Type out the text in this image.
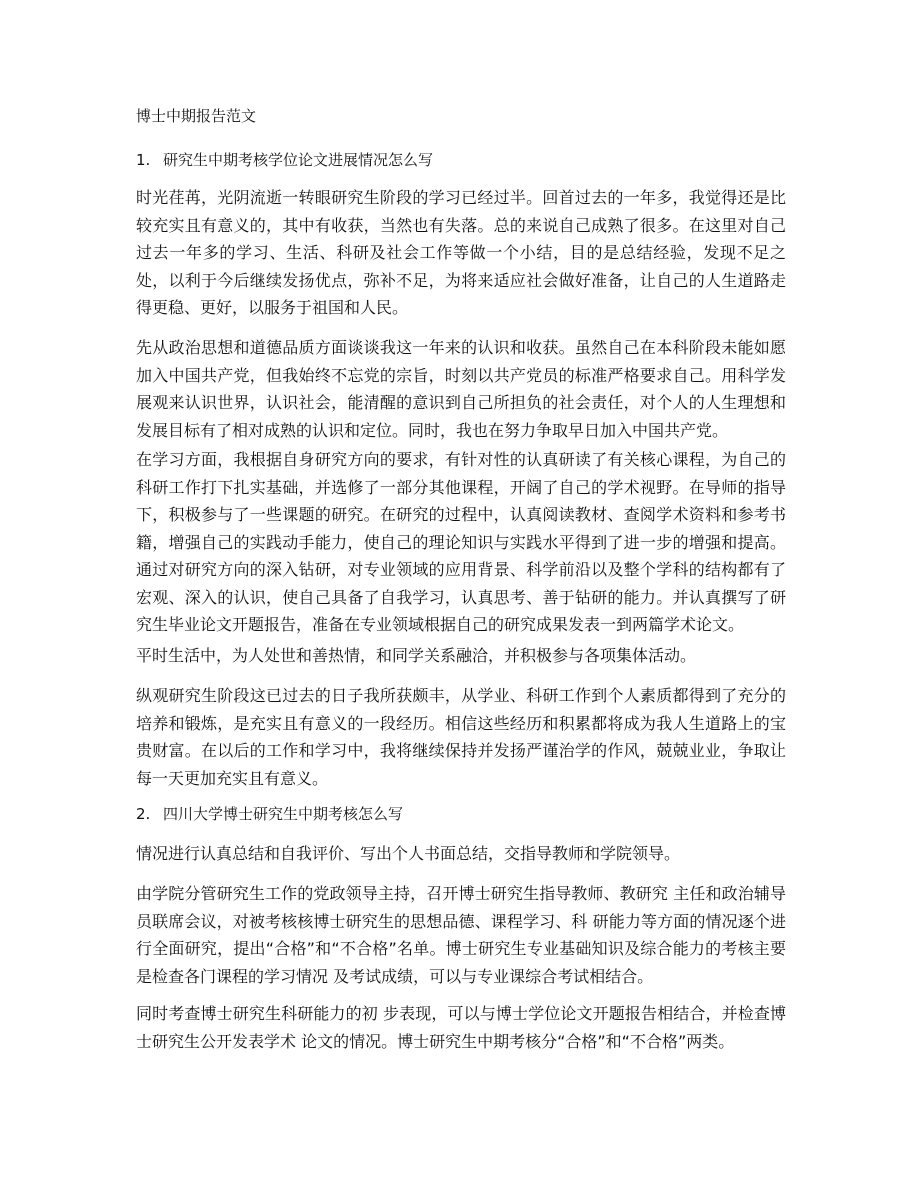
博士中期报告范文
1. 研究生中期考核学位论文进展情况怎么写

时光荏苒，光阴流逝一转眼研究生阶段的学习已经过半。回首过去的一年多，我觉得还是比较充实且有意义的，其中有收获，当然也有失落。总的来说自己成熟了很多。在这里对自己过去一年多的学习、生活、科研及社会工作等做一个小结，目的是总结经验，发现不足之处，以利于今后继续发扬优点，弥补不足，为将来适应社会做好准备，让自己的人生道路走得更稳、更好，以服务于祖国和人民。

先从政治思想和道德品质方面谈谈我这一年来的认识和收获。虽然自己在本科阶段未能如愿加入中国共产党，但我始终不忘党的宗旨，时刻以共产党员的标准严格要求自己。用科学发展观来认识世界，认识社会，能清醒的意识到自己所担负的社会责任，对个人的人生理想和发展目标有了相对成熟的认识和定位。同时，我也在努力争取早日加入中国共产党。

在学习方面，我根据自身研究方向的要求，有针对性的认真研读了有关核心课程，为自己的科研工作打下扎实基础，并选修了一部分其他课程，开阔了自己的学术视野。在导师的指导下，积极参与了一些课题的研究。在研究的过程中，认真阅读教材、查阅学术资料和参考书籍，增强自己的实践动手能力，使自己的理论知识与实践水平得到了进一步的增强和提高。通过对研究方向的深入钻研，对专业领域的应用背景、科学前沿以及整个学科的结构都有了宏观、深入的认识，使自己具备了自我学习，认真思考、善于钻研的能力。并认真撰写了研究生毕业论文开题报告，准备在专业领域根据自己的研究成果发表一到两篇学术论文。

平时生活中，为人处世和善热情，和同学关系融洽，并积极参与各项集体活动。

纵观研究生阶段这已过去的日子我所获颇丰，从学业、科研工作到个人素质都得到了充分的培养和锻炼，是充实且有意义的一段经历。相信这些经历和积累都将成为我人生道路上的宝贵财富。在以后的工作和学习中，我将继续保持并发扬严谨治学的作风，兢兢业业，争取让每一天更加充实且有意义。

2. 四川大学博士研究生中期考核怎么写

情况进行认真总结和自我评价、写出个人书面总结，交指导教师和学院领导。

由学院分管研究生工作的党政领导主持，召开博士研究生指导教师、教研究 主任和政治辅导员联席会议，对被考核核博士研究生的思想品德、课程学习、科 研能力等方面的情况逐个进行全面研究，提出“合格”和“不合格”名单。博士研究生专业基础知识及综合能力的考核主要是检查各门课程的学习情况 及考试成绩，可以与专业课综合考试相结合。

同时考查博士研究生科研能力的初 步表现，可以与博士学位论文开题报告相结合，并检查博士研究生公开发表学术 论文的情况。博士研究生中期考核分“合格”和“不合格”两类。
